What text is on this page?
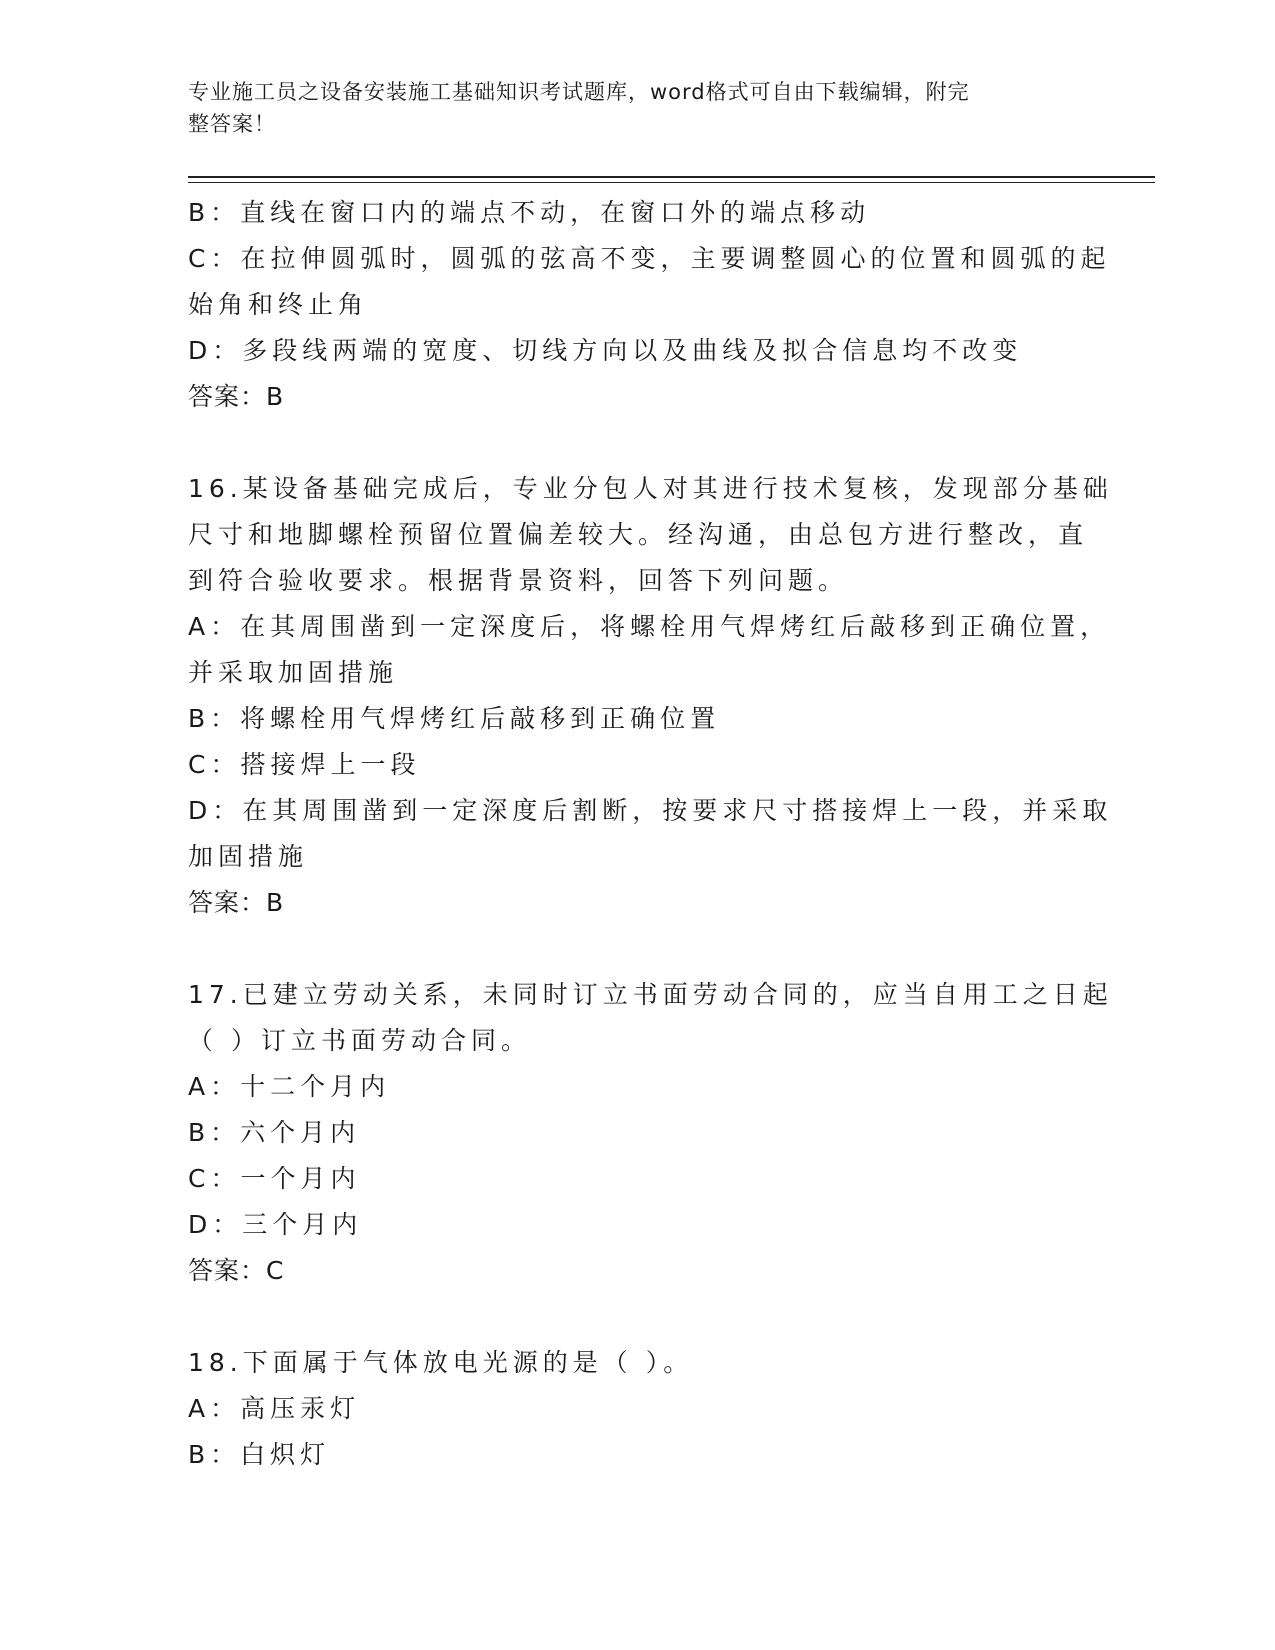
专业施工员之设备安装施工基础知识考试题库，word格式可自由下载编辑，附完
整答案！
B：直线在窗口内的端点不动，在窗口外的端点移动
C：在拉伸圆弧时，圆弧的弦高不变，主要调整圆心的位置和圆弧的起
始角和终止角
D：多段线两端的宽度、切线方向以及曲线及拟合信息均不改变
答案：B
16.某设备基础完成后，专业分包人对其进行技术复核，发现部分基础
尺寸和地脚螺栓预留位置偏差较大。经沟通，由总包方进行整改，直
到符合验收要求。根据背景资料，回答下列问题。
A：在其周围凿到一定深度后，将螺栓用气焊烤红后敲移到正确位置，
并采取加固措施
B：将螺栓用气焊烤红后敲移到正确位置
C：搭接焊上一段
D：在其周围凿到一定深度后割断，按要求尺寸搭接焊上一段，并采取
加固措施
答案：B
17.已建立劳动关系，未同时订立书面劳动合同的，应当自用工之日起
（ ）订立书面劳动合同。
A：十二个月内
B：六个月内
C：一个月内
D：三个月内
答案：C
18.下面属于气体放电光源的是（ ）。
A：高压汞灯
B：白炽灯
